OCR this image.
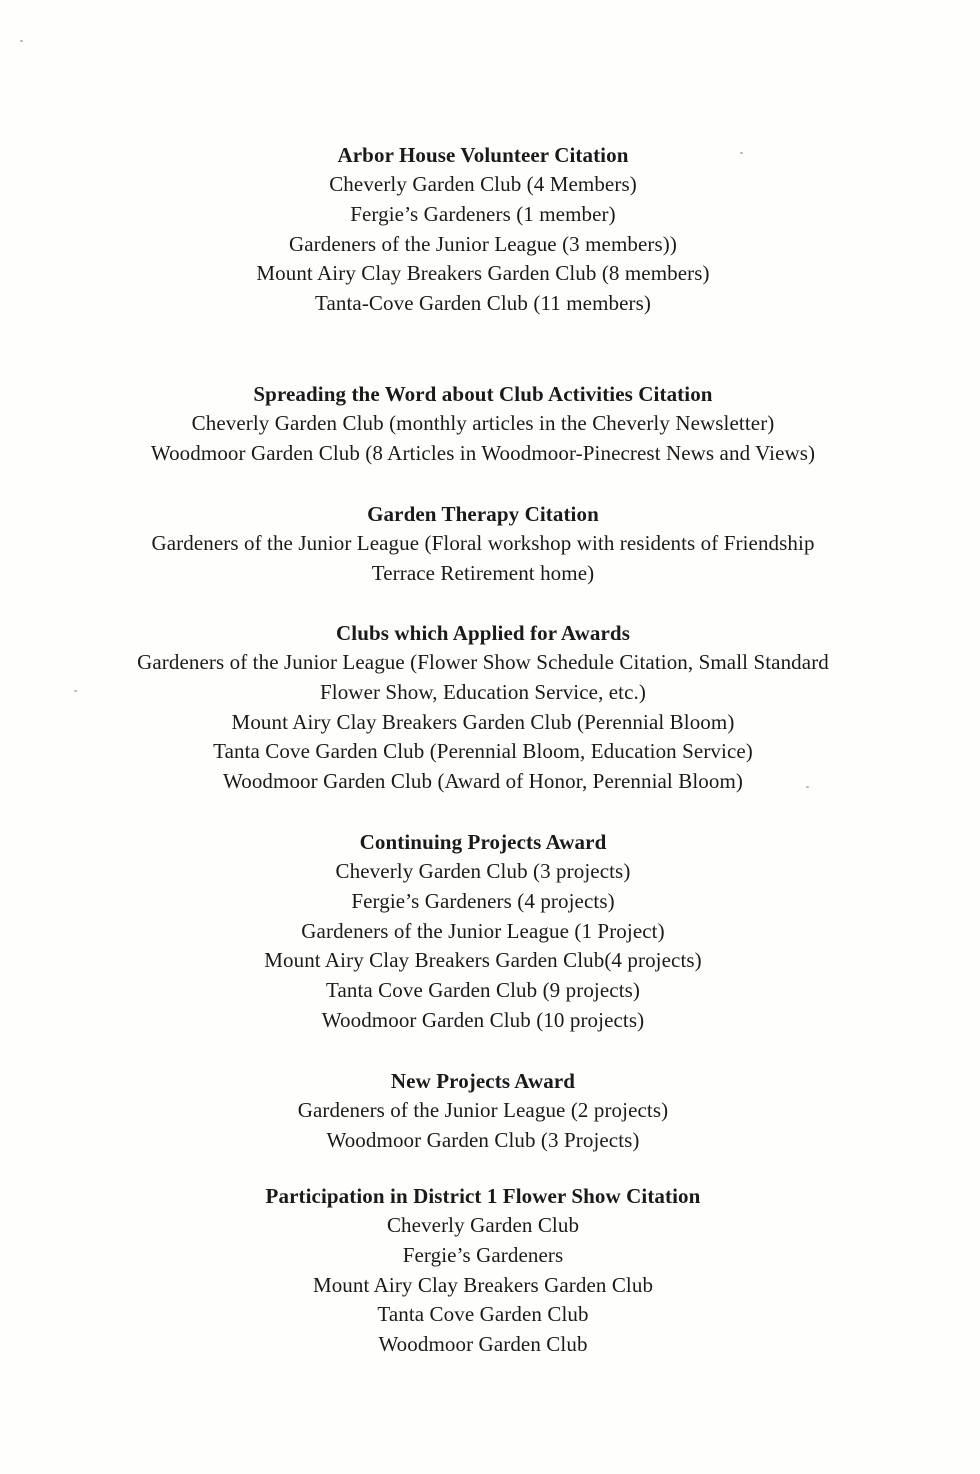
Arbor House Volunteer Citation

Cheverly Garden Club (4 Members)

Fergie’s Gardeners (1 member)

Gardeners of the Junior League (3 members))

Mount Airy Clay Breakers Garden Club (8 members)

Tanta-Cove Garden Club (11 members)

Spreading the Word about Club Activities Citation

Cheverly Garden Club (monthly articles in the Cheverly Newsletter)

Woodmoor Garden Club (8 Articles in Woodmoor-Pinecrest News and Views)

Garden Therapy Citation

Gardeners of the Junior League (Floral workshop with residents of Friendship

Terrace Retirement home)

Clubs which Applied for Awards

Gardeners of the Junior League (Flower Show Schedule Citation, Small Standard

Flower Show, Education Service, etc.)

Mount Airy Clay Breakers Garden Club (Perennial Bloom)

Tanta Cove Garden Club (Perennial Bloom, Education Service)

Woodmoor Garden Club (Award of Honor, Perennial Bloom)

Continuing Projects Award

Cheverly Garden Club (3 projects)

Fergie’s Gardeners (4 projects)

Gardeners of the Junior League (1 Project)

Mount Airy Clay Breakers Garden Club(4 projects)

Tanta Cove Garden Club (9 projects)

Woodmoor Garden Club (10 projects)

New Projects Award

Gardeners of the Junior League (2 projects)

Woodmoor Garden Club (3 Projects)

Participation in District 1 Flower Show Citation

Cheverly Garden Club

Fergie’s Gardeners

Mount Airy Clay Breakers Garden Club

Tanta Cove Garden Club

Woodmoor Garden Club
